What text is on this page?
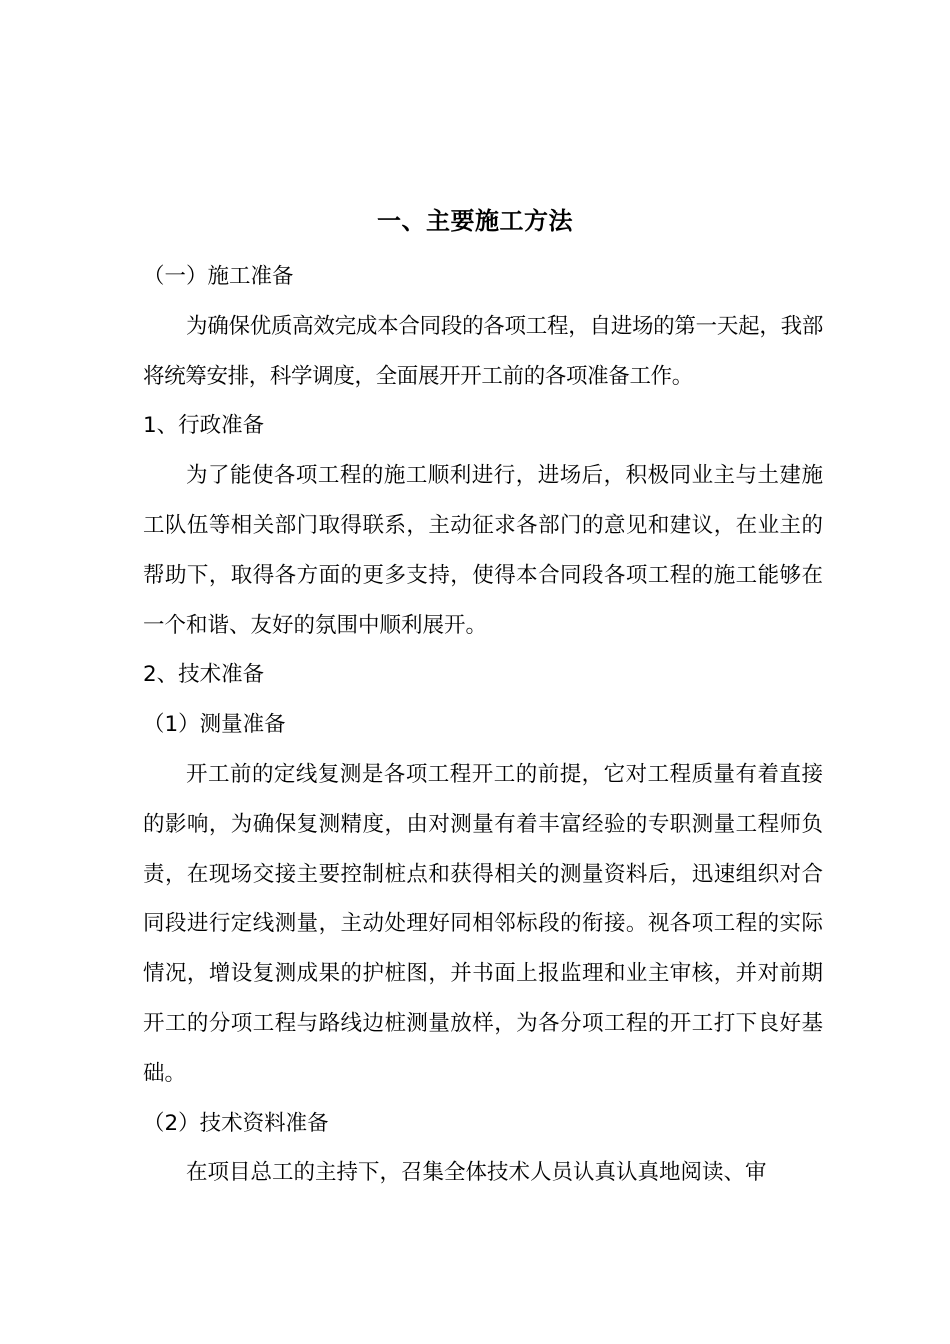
一、主要施工方法

（一）施工准备

为确保优质高效完成本合同段的各项工程，自进场的第一天起，我部将统筹安排，科学调度，全面展开开工前的各项准备工作。

1、行政准备

为了能使各项工程的施工顺利进行，进场后，积极同业主与土建施工队伍等相关部门取得联系，主动征求各部门的意见和建议，在业主的帮助下，取得各方面的更多支持，使得本合同段各项工程的施工能够在一个和谐、友好的氛围中顺利展开。

2、技术准备

（1）测量准备

开工前的定线复测是各项工程开工的前提，它对工程质量有着直接的影响，为确保复测精度，由对测量有着丰富经验的专职测量工程师负责，在现场交接主要控制桩点和获得相关的测量资料后，迅速组织对合同段进行定线测量，主动处理好同相邻标段的衔接。视各项工程的实际情况，增设复测成果的护桩图，并书面上报监理和业主审核，并对前期开工的分项工程与路线边桩测量放样，为各分项工程的开工打下良好基础。

（2）技术资料准备

在项目总工的主持下，召集全体技术人员认真认真地阅读、审
